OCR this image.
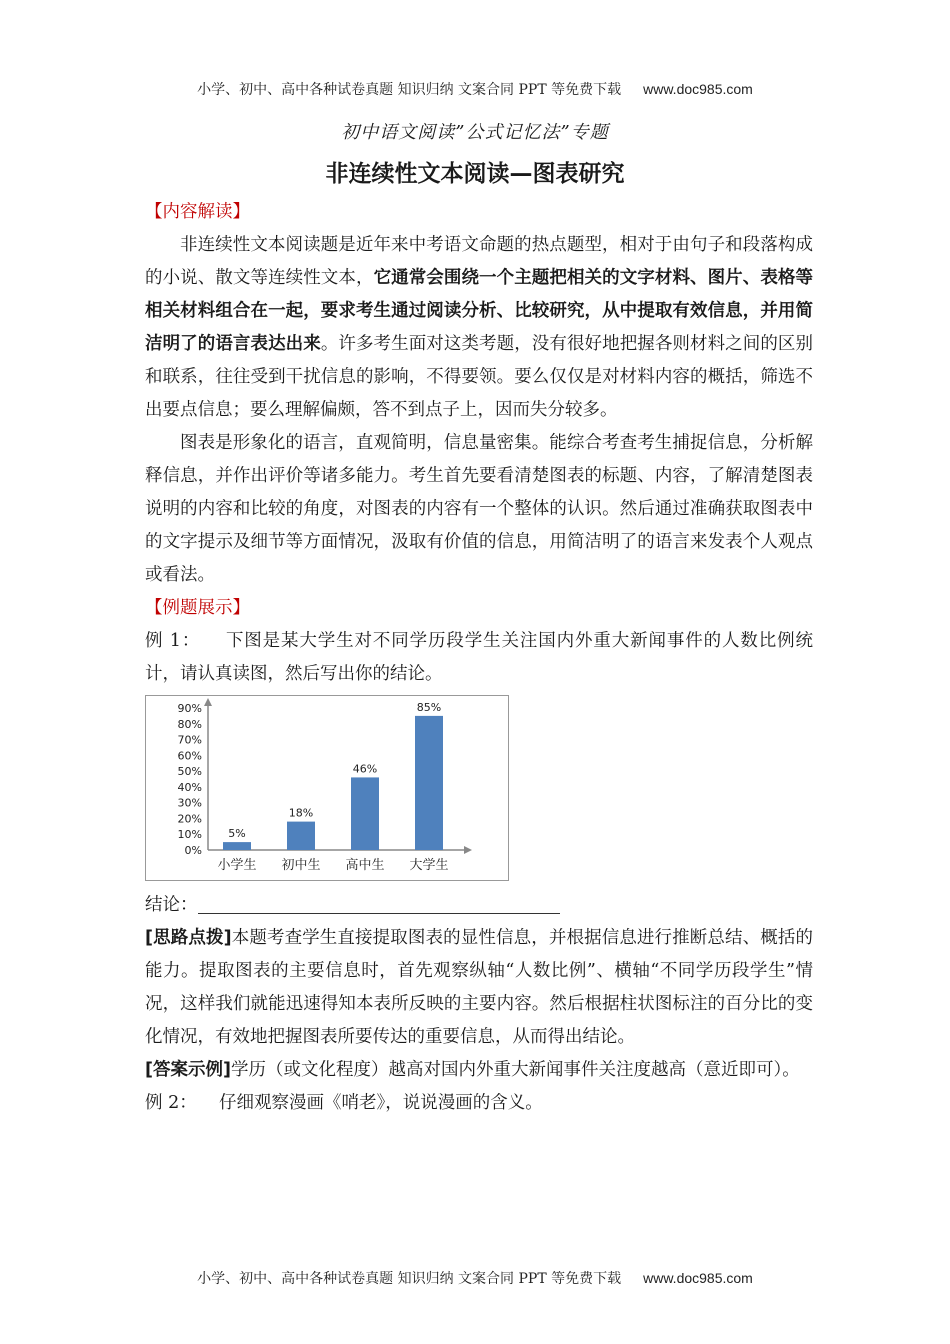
小学、初中、高中各种试卷真题 知识归纳 文案合同 PPT 等免费下载 www.doc985.com
初中语文阅读”公式记忆法”专题
非连续性文本阅读—图表研究

【内容解读】

非连续性文本阅读题是近年来中考语文命题的热点题型，相对于由句子和段落构成的小说、散文等连续性文本，它通常会围绕一个主题把相关的文字材料、图片、表格等相关材料组合在一起，要求考生通过阅读分析、比较研究，从中提取有效信息，并用简洁明了的语言表达出来。许多考生面对这类考题，没有很好地把握各则材料之间的区别和联系，往往受到干扰信息的影响，不得要领。要么仅仅是对材料内容的概括，筛选不出要点信息；要么理解偏颇，答不到点子上，因而失分较多。

图表是形象化的语言，直观简明，信息量密集。能综合考查考生捕捉信息，分析解释信息，并作出评价等诸多能力。考生首先要看清楚图表的标题、内容，了解清楚图表说明的内容和比较的角度，对图表的内容有一个整体的认识。然后通过准确获取图表中的文字提示及细节等方面情况，汲取有价值的信息，用简洁明了的语言来发表个人观点或看法。

【例题展示】

例 1： 下图是某大学生对不同学历段学生关注国内外重大新闻事件的人数比例统计，请认真读图，然后写出你的结论。

0%
10%
20%
30%
40%
50%
60%
70%
80%
90%
5%
小学生
18%
初中生
46%
高中生
85%
大学生

结论：

[思路点拨]本题考查学生直接提取图表的显性信息，并根据信息进行推断总结、概括的能力。提取图表的主要信息时，首先观察纵轴“人数比例”、横轴“不同学历段学生”情况，这样我们就能迅速得知本表所反映的主要内容。然后根据柱状图标注的百分比的变化情况，有效地把握图表所要传达的重要信息，从而得出结论。

[答案示例]学历（或文化程度）越高对国内外重大新闻事件关注度越高（意近即可）。

例 2： 仔细观察漫画《哨老》，说说漫画的含义。

小学、初中、高中各种试卷真题 知识归纳 文案合同 PPT 等免费下载 www.doc985.com
